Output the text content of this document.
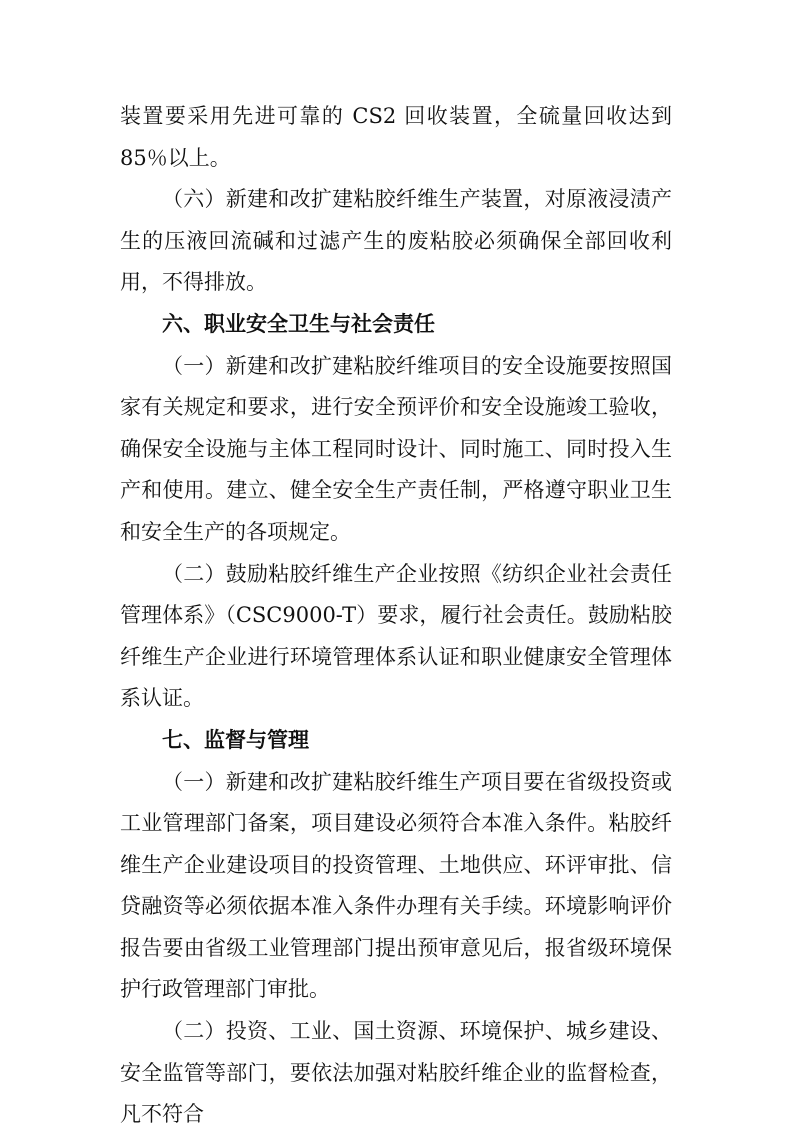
装置要采用先进可靠的 CS2 回收装置，全硫量回收达到 85％以上。

（六）新建和改扩建粘胶纤维生产装置，对原液浸渍产生的压液回流碱和过滤产生的废粘胶必须确保全部回收利用，不得排放。

六、职业安全卫生与社会责任

（一）新建和改扩建粘胶纤维项目的安全设施要按照国家有关规定和要求，进行安全预评价和安全设施竣工验收，确保安全设施与主体工程同时设计、同时施工、同时投入生产和使用。建立、健全安全生产责任制，严格遵守职业卫生和安全生产的各项规定。

（二）鼓励粘胶纤维生产企业按照《纺织企业社会责任管理体系》（CSC9000-T）要求，履行社会责任。鼓励粘胶纤维生产企业进行环境管理体系认证和职业健康安全管理体系认证。

七、监督与管理

（一）新建和改扩建粘胶纤维生产项目要在省级投资或工业管理部门备案，项目建设必须符合本准入条件。粘胶纤维生产企业建设项目的投资管理、土地供应、环评审批、信贷融资等必须依据本准入条件办理有关手续。环境影响评价报告要由省级工业管理部门提出预审意见后，报省级环境保护行政管理部门审批。

（二）投资、工业、国土资源、环境保护、城乡建设、安全监管等部门，要依法加强对粘胶纤维企业的监督检查，凡不符合
